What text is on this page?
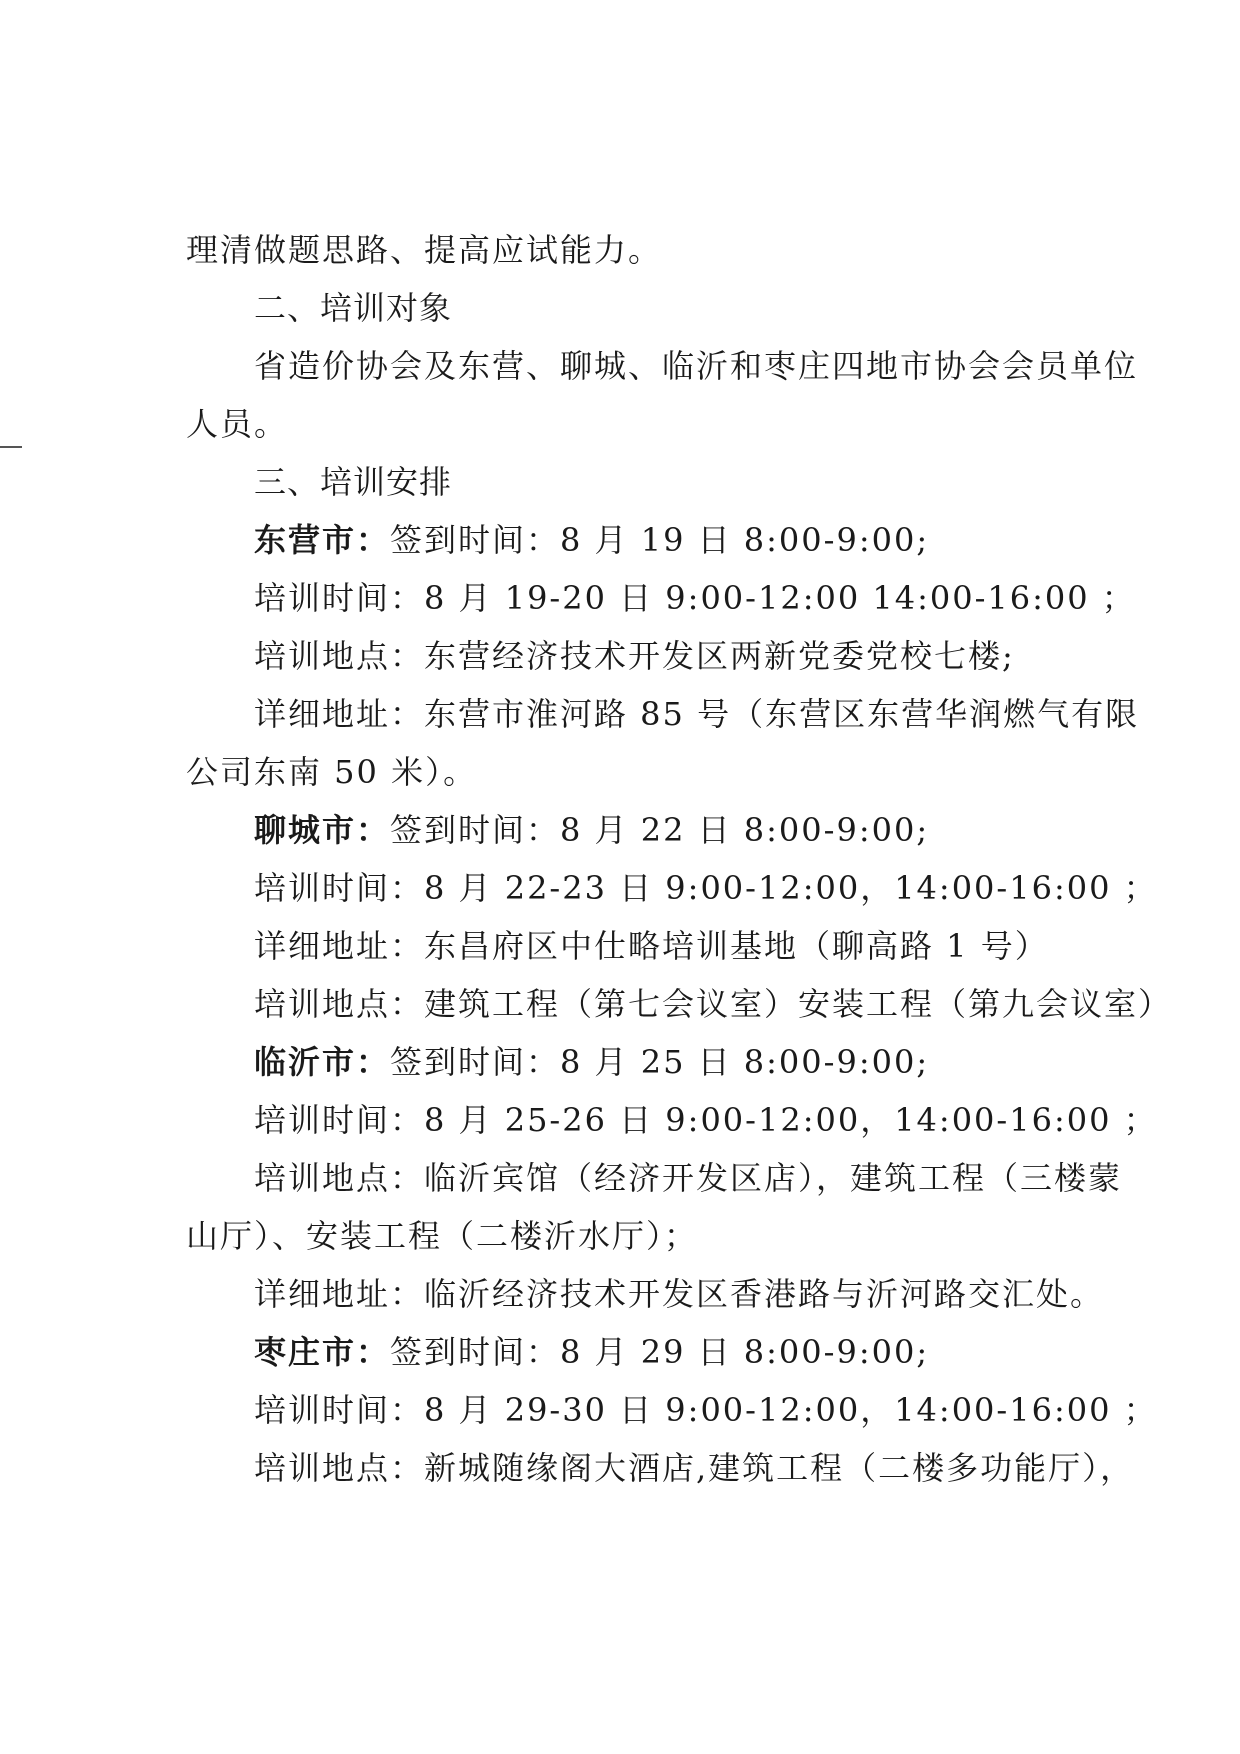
理清做题思路、提高应试能力。
二、培训对象
省造价协会及东营、聊城、临沂和枣庄四地市协会会员单位
人员。
三、培训安排
东营市：签到时间：8 月 19 日 8:00-9:00;
培训时间：8 月 19-20 日 9:00-12:00 14:00-16:00 ；
培训地点：东营经济技术开发区两新党委党校七楼;
详细地址：东营市淮河路 85 号（东营区东营华润燃气有限
公司东南 50 米）。
聊城市：签到时间：8 月 22 日 8:00-9:00;
培训时间：8 月 22-23 日 9:00-12:00，14:00-16:00 ；
详细地址：东昌府区中仕略培训基地（聊高路 1 号）
培训地点：建筑工程（第七会议室）安装工程（第九会议室）
临沂市：签到时间：8 月 25 日 8:00-9:00;
培训时间：8 月 25-26 日 9:00-12:00，14:00-16:00 ；
培训地点：临沂宾馆（经济开发区店），建筑工程（三楼蒙
山厅）、安装工程（二楼沂水厅）；
详细地址：临沂经济技术开发区香港路与沂河路交汇处。
枣庄市：签到时间：8 月 29 日 8:00-9:00;
培训时间：8 月 29-30 日 9:00-12:00，14:00-16:00 ；
培训地点：新城随缘阁大酒店,建筑工程（二楼多功能厅），
